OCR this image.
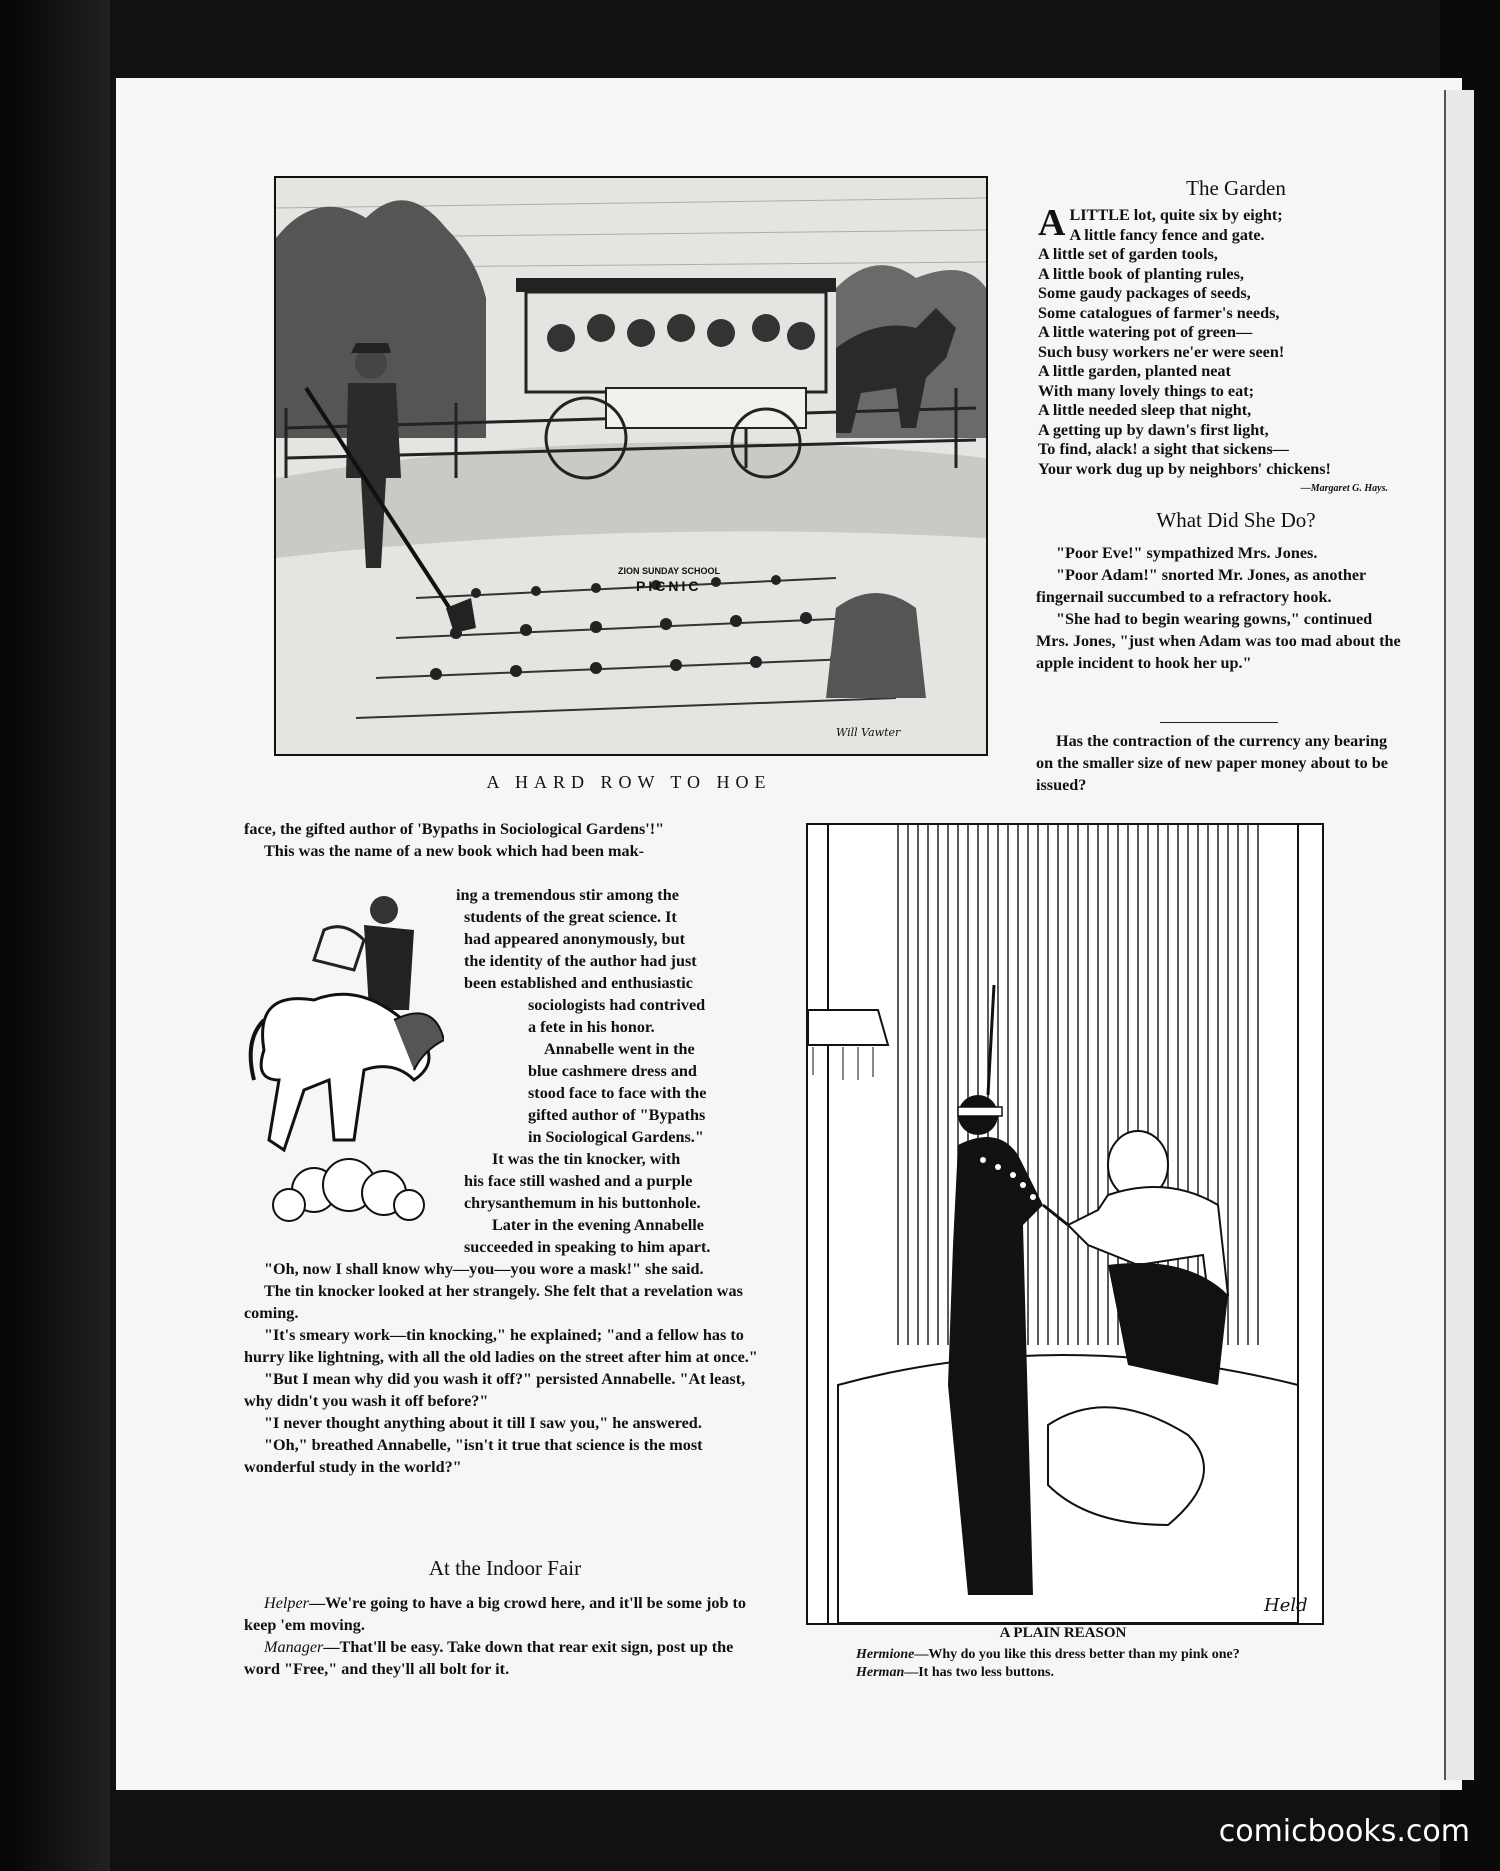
ZION SUNDAY SCHOOL
PICNIC
Will Vawter
A HARD ROW TO HOE
The Garden
A LITTLE lot, quite six by eight;
A little fancy fence and gate.
A little set of garden tools,
A little book of planting rules,
Some gaudy packages of seeds,
Some catalogues of farmer's needs,
A little watering pot of green—
Such busy workers ne'er were seen!
A little garden, planted neat
With many lovely things to eat;
A little needed sleep that night,
A getting up by dawn's first light,
To find, alack! a sight that sickens—
Your work dug up by neighbors' chickens!
—Margaret G. Hays.
What Did She Do?

"Poor Eve!" sympathized Mrs. Jones.

"Poor Adam!" snorted Mr. Jones, as another fingernail succumbed to a refractory hook.

"She had to begin wearing gowns," continued Mrs. Jones, "just when Adam was too mad about the apple incident to hook her up."

Has the contraction of the currency any bearing on the smaller size of new paper money about to be issued?

face, the gifted author of 'Bypaths in Sociological Gardens'!"

This was the name of a new book which had been mak-

ing a tremendous stir among the
students of the great science. It
had appeared anonymously, but
the identity of the author had just
been established and enthusiastic
sociologists had contrived
a fete in his honor.
Annabelle went in the
blue cashmere dress and
stood face to face with the
gifted author of "Bypaths
in Sociological Gardens."
It was the tin knocker, with
his face still washed and a purple
chrysanthemum in his buttonhole.
Later in the evening Annabelle
succeeded in speaking to him apart.

"Oh, now I shall know why—you—you wore a mask!" she said.

The tin knocker looked at her strangely. She felt that a revelation was coming.

"It's smeary work—tin knocking," he explained; "and a fellow has to hurry like lightning, with all the old ladies on the street after him at once."

"But I mean why did you wash it off?" persisted Annabelle. "At least, why didn't you wash it off before?"

"I never thought anything about it till I saw you," he answered.

"Oh," breathed Annabelle, "isn't it true that science is the most wonderful study in the world?"

At the Indoor Fair

Helper—We're going to have a big crowd here, and it'll be some job to keep 'em moving.

Manager—That'll be easy. Take down that rear exit sign, post up the word "Free," and they'll all bolt for it.

Held
A PLAIN REASON
Hermione—Why do you like this dress better than my pink one?
Herman—It has two less buttons.
comicbooks.com
